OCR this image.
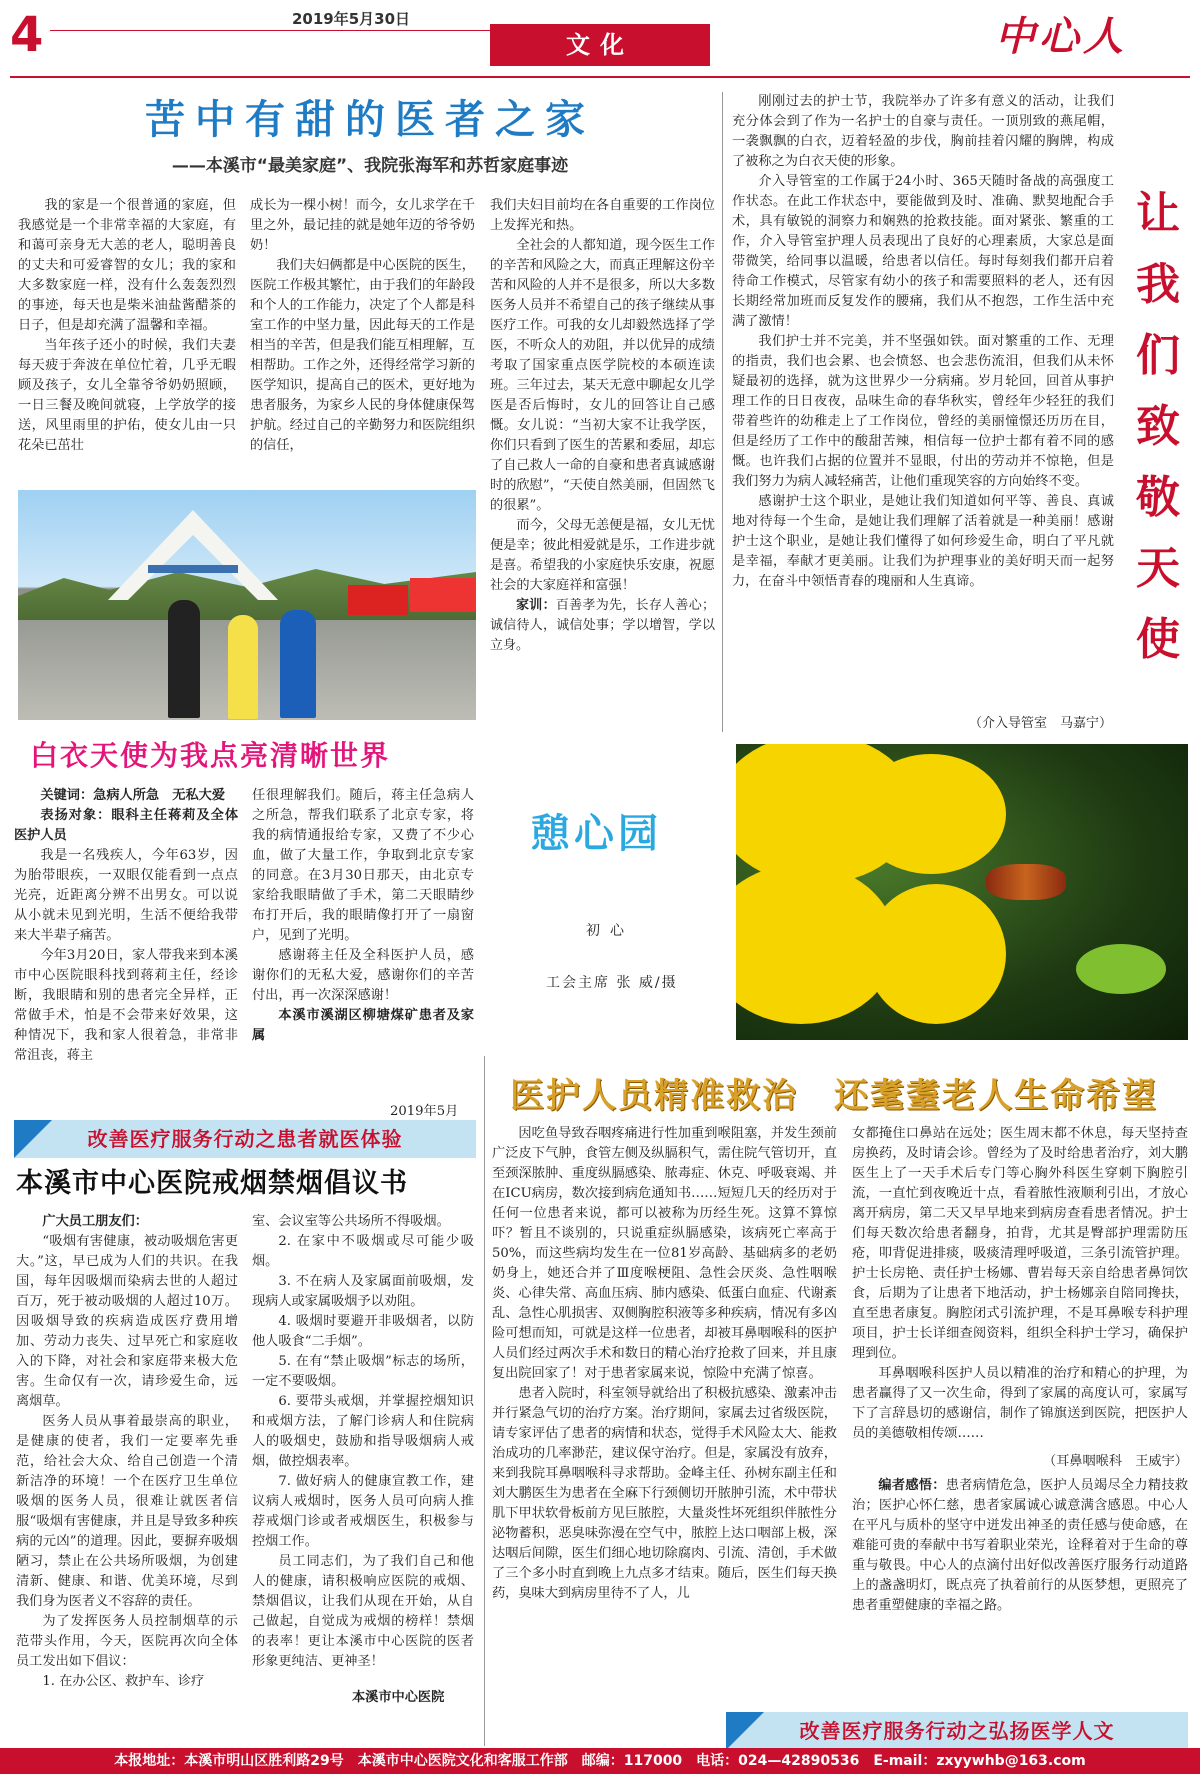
4	2019年5月30日
文化	中心人
苦中有甜的医者之家
——本溪市“最美家庭”、我院张海军和苏哲家庭事迹

我的家是一个很普通的家庭，但我感觉是一个非常幸福的大家庭，有和蔼可亲身无大恙的老人，聪明善良的丈夫和可爱睿智的女儿；我的家和大多数家庭一样，没有什么轰轰烈烈的事迹，每天也是柴米油盐酱醋茶的日子，但是却充满了温馨和幸福。

当年孩子还小的时候，我们夫妻每天疲于奔波在单位忙着，几乎无暇顾及孩子，女儿全靠爷爷奶奶照顾，一日三餐及晚间就寝，上学放学的接送，风里雨里的护佑，使女儿由一只花朵已茁壮

成长为一棵小树！而今，女儿求学在千里之外，最记挂的就是她年迈的爷爷奶奶！

我们夫妇俩都是中心医院的医生，医院工作极其繁忙，由于我们的年龄段和个人的工作能力，决定了个人都是科室工作的中坚力量，因此每天的工作是相当的辛苦，但是我们能互相理解，互相帮助。工作之外，还得经常学习新的医学知识，提高自己的医术，更好地为患者服务，为家乡人民的身体健康保驾护航。经过自己的辛勤努力和医院组织的信任，

我们夫妇目前均在各自重要的工作岗位上发挥光和热。

全社会的人都知道，现今医生工作的辛苦和风险之大，而真正理解这份辛苦和风险的人并不是很多，所以大多数医务人员并不希望自己的孩子继续从事医疗工作。可我的女儿却毅然选择了学医，不听众人的劝阻，并以优异的成绩考取了国家重点医学院校的本硕连读班。三年过去，某天无意中聊起女儿学医是否后悔时，女儿的回答让自己感慨。女儿说：“当初大家不让我学医，你们只看到了医生的苦累和委屈，却忘了自己救人一命的自豪和患者真诚感谢时的欣慰”，“天使自然美丽，但固然飞的很累”。

而今，父母无恙便是福，女儿无忧便是幸；彼此相爱就是乐，工作进步就是喜。希望我的小家庭快乐安康，祝愿社会的大家庭祥和富强！

家训：百善孝为先，长存人善心；诚信待人，诚信处事；学以增智，学以立身。

刚刚过去的护士节，我院举办了许多有意义的活动，让我们充分体会到了作为一名护士的自豪与责任。一顶別致的燕尾帽，一袭飘飘的白衣，迈着轻盈的步伐，胸前挂着闪耀的胸牌，构成了被称之为白衣天使的形象。

介入导管室的工作属于24小时、365天随时备战的高强度工作状态。在此工作状态中，要能做到及时、准确、默契地配合手术，具有敏锐的洞察力和娴熟的抢救技能。面对紧张、繁重的工作，介入导管室护理人员表现出了良好的心理素质，大家总是面带微笑，给同事以温暖，给患者以信任。每时每刻我们都开启着待命工作模式，尽管家有幼小的孩子和需要照料的老人，还有因长期经常加班而反复发作的腰痛，我们从不抱怨，工作生活中充满了激情！

我们护士并不完美，并不坚强如铁。面对繁重的工作、无理的指责，我们也会累、也会愤怒、也会悲伤流泪，但我们从未怀疑最初的选择，就为这世界少一分病痛。岁月轮回，回首从事护理工作的日日夜夜，品味生命的春华秋实，曾经年少轻狂的我们带着些许的幼稚走上了工作岗位，曾经的美丽憧憬还历历在目，但是经历了工作中的酸甜苦辣，相信每一位护士都有着不同的感慨。也许我们占据的位置并不显眼，付出的劳动并不惊艳，但是我们努力为病人减轻痛苦，让他们重现笑容的方向始终不变。

感谢护士这个职业，是她让我们知道如何平等、善良、真诚地对待每一个生命，是她让我们理解了活着就是一种美丽！感谢护士这个职业，是她让我们懂得了如何珍爱生命，明白了平凡就是幸福，奉献才更美丽。让我们为护理事业的美好明天而一起努力，在奋斗中领悟青春的瑰丽和人生真谛。

（介入导管室　马嘉宁）
让我们致敬天使
白衣天使为我点亮清晰世界

关键词：急病人所急　无私大爱

表扬对象：眼科主任蒋莉及全体医护人员

我是一名残疾人，今年63岁，因为胎带眼疾，一双眼仅能看到一点点光亮，近距离分辨不出男女。可以说从小就未见到光明，生活不便给我带来大半辈子痛苦。

今年3月20日，家人带我来到本溪市中心医院眼科找到蒋莉主任，经诊断，我眼睛和别的患者完全异样，正常做手术，怕是不会带来好效果，这种情况下，我和家人很着急，非常非常沮丧，蒋主

任很理解我们。随后，蒋主任急病人之所急，帮我们联系了北京专家，将我的病情通报给专家，又费了不少心血，做了大量工作，争取到北京专家的同意。在3月30日那天，由北京专家给我眼睛做了手术，第二天眼睛纱布打开后，我的眼睛像打开了一扇窗户，见到了光明。

感谢蒋主任及全科医护人员，感谢你们的无私大爱，感谢你们的辛苦付出，再一次深深感谢！

本溪市溪湖区柳塘煤矿患者及家属

2019年5月
憩心园
初心
工会主席 张 威/摄
医护人员精准救治　还耄耋老人生命希望

因吃鱼导致吞咽疼痛进行性加重到喉阻塞，并发生颈前广泛皮下气肿，食管左侧及纵膈积气，需住院气管切开，直至颈深脓肿、重度纵膈感染、脓毒症、休克、呼吸衰竭、并在ICU病房，数次接到病危通知书……短短几天的经历对于任何一位患者来说，都可以被称为历经生死。这算不算惊吓？暂且不谈别的，只说重症纵膈感染，该病死亡率高于50%，而这些病均发生在一位81岁高龄、基础病多的老奶奶身上，她还合并了Ⅲ度喉梗阻、急性会厌炎、急性咽喉炎、心律失常、高血压病、肺内感染、低蛋白血症、代谢紊乱、急性心肌损害、双侧胸腔积液等多种疾病，情况有多凶险可想而知，可就是这样一位患者，却被耳鼻咽喉科的医护人员们经过两次手术和数日的精心治疗抢救了回来，并且康复出院回家了！对于患者家属来说，惊险中充满了惊喜。

患者入院时，科室领导就给出了积极抗感染、激素冲击并行紧急气切的治疗方案。治疗期间，家属去过省级医院，请专家评估了患者的病情和状态，觉得手术风险太大、能救治成功的几率渺茫，建议保守治疗。但是，家属没有放弃，来到我院耳鼻咽喉科寻求帮助。金峰主任、孙树东副主任和刘大鹏医生为患者在全麻下行颈侧切开脓肿引流，术中带状肌下甲状软骨板前方见巨脓腔，大量炎性坏死组织伴脓性分泌物蓄积，恶臭味弥漫在空气中，脓腔上达口咽部上极，深达咽后间隙，医生们细心地切除腐肉、引流、清创，手术做了三个多小时直到晚上九点多才结束。随后，医生们每天换药，臭味大到病房里待不了人，儿

女都掩住口鼻站在远处；医生周末都不休息，每天坚持查房换药，及时请会诊。曾经为了及时给患者治疗，刘大鹏医生上了一天手术后专门等心胸外科医生穿刺下胸腔引流，一直忙到夜晚近十点，看着脓性液顺利引出，才放心离开病房，第二天又早早地来到病房查看患者情况。护士们每天数次给患者翻身，拍背，尤其是臀部护理需防压疮，叩背促进排痰，吸痰清理呼吸道，三条引流管护理。护士长房艳、责任护士杨娜、曹岩每天亲自给患者鼻饲饮食，后期为了让患者下地活动，护士杨娜亲自陪同搀扶，直至患者康复。胸腔闭式引流护理，不是耳鼻喉专科护理项目，护士长详细查阅资料，组织全科护士学习，确保护理到位。

耳鼻咽喉科医护人员以精准的治疗和精心的护理，为患者赢得了又一次生命，得到了家属的高度认可，家属写下了言辞恳切的感谢信，制作了锦旗送到医院，把医护人员的美德敬相传颂……

（耳鼻咽喉科　王威宇）

编者感悟：患者病情危急，医护人员竭尽全力精技救治；医护心怀仁慈，患者家属诚心诚意满含感恩。中心人在平凡与质朴的坚守中迸发出神圣的责任感与使命感，在难能可贵的奉献中书写着职业荣光，诠释着对于生命的尊重与敬畏。中心人的点滴付出好似改善医疗服务行动道路上的盏盏明灯，既点亮了执着前行的从医梦想，更照亮了患者重塑健康的幸福之路。

改善医疗服务行动之患者就医体验
改善医疗服务行动之弘扬医学人文
本溪市中心医院戒烟禁烟倡议书

广大员工朋友们：

“吸烟有害健康，被动吸烟危害更大。”这，早已成为人们的共识。在我国，每年因吸烟而染病去世的人超过百万，死于被动吸烟的人超过10万。因吸烟导致的疾病造成医疗费用增加、劳动力丧失、过早死亡和家庭收入的下降，对社会和家庭带来极大危害。生命仅有一次，请珍爱生命，远离烟草。

医务人员从事着最崇高的职业，是健康的使者，我们一定要率先垂范，给社会大众、给自己创造一个清新洁净的环境！一个在医疗卫生单位吸烟的医务人员，很难让就医者信服“吸烟有害健康，并且是导致多种疾病的元凶”的道理。因此，要摒弃吸烟陋习，禁止在公共场所吸烟，为创建清新、健康、和谐、优美环境，尽到我们身为医者义不容辞的责任。

为了发挥医务人员控制烟草的示范带头作用，今天，医院再次向全体员工发出如下倡议：

1. 在办公区、救护车、诊疗

室、会议室等公共场所不得吸烟。

2. 在家中不吸烟或尽可能少吸烟。

3. 不在病人及家属面前吸烟，发现病人或家属吸烟予以劝阻。

4. 吸烟时要避开非吸烟者，以防他人吸食“二手烟”。

5. 在有“禁止吸烟”标志的场所，一定不要吸烟。

6. 要带头戒烟，并掌握控烟知识和戒烟方法，了解门诊病人和住院病人的吸烟史，鼓励和指导吸烟病人戒烟，做控烟表率。

7. 做好病人的健康宣教工作，建议病人戒烟时，医务人员可向病人推荐戒烟门诊或者戒烟医生，积极参与控烟工作。

员工同志们，为了我们自己和他人的健康，请积极响应医院的戒烟、禁烟倡议，让我们从现在开始，从自己做起，自觉成为戒烟的榜样！禁烟的表率！更让本溪市中心医院的医者形象更纯洁、更神圣！

本溪市中心医院
本报地址：本溪市明山区胜利路29号　本溪市中心医院文化和客服工作部　邮编：117000　电话：024—42890536　E-mail：zxyywhb@163.com
